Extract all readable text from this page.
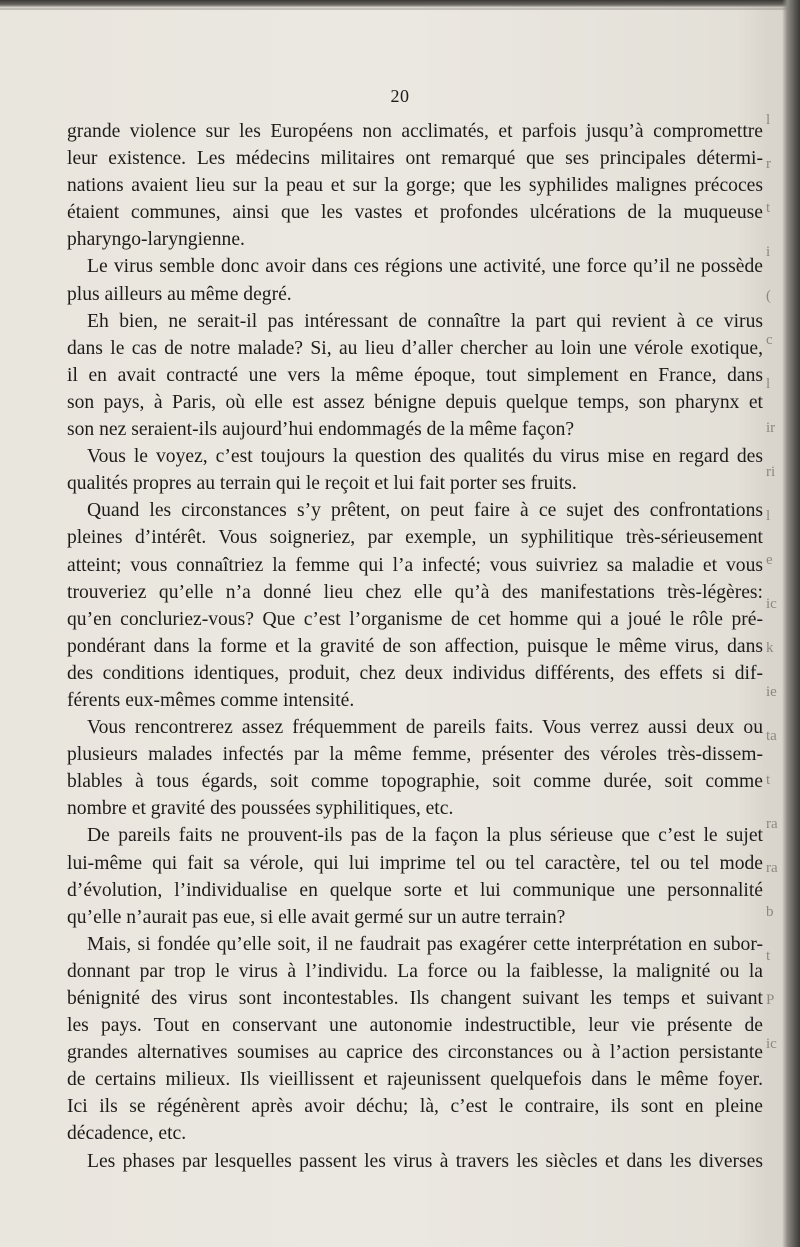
20
grande violence sur les Européens non acclimatés, et parfois jusqu’à compromettre
leur existence. Les médecins militaires ont remarqué que ses principales détermi-
nations avaient lieu sur la peau et sur la gorge; que les syphilides malignes précoces
étaient communes, ainsi que les vastes et profondes ulcérations de la muqueuse
pharyngo-laryngienne.
Le virus semble donc avoir dans ces régions une activité, une force qu’il ne possède
plus ailleurs au même degré.
Eh bien, ne serait-il pas intéressant de connaître la part qui revient à ce virus
dans le cas de notre malade? Si, au lieu d’aller chercher au loin une vérole exotique,
il en avait contracté une vers la même époque, tout simplement en France, dans
son pays, à Paris, où elle est assez bénigne depuis quelque temps, son pharynx et
son nez seraient-ils aujourd’hui endommagés de la même façon?
Vous le voyez, c’est toujours la question des qualités du virus mise en regard des
qualités propres au terrain qui le reçoit et lui fait porter ses fruits.
Quand les circonstances s’y prêtent, on peut faire à ce sujet des confrontations
pleines d’intérêt. Vous soigneriez, par exemple, un syphilitique très-sérieusement
atteint; vous connaîtriez la femme qui l’a infecté; vous suivriez sa maladie et vous
trouveriez qu’elle n’a donné lieu chez elle qu’à des manifestations très-légères:
qu’en concluriez-vous? Que c’est l’organisme de cet homme qui a joué le rôle pré-
pondérant dans la forme et la gravité de son affection, puisque le même virus, dans
des conditions identiques, produit, chez deux individus différents, des effets si dif-
férents eux-mêmes comme intensité.
Vous rencontrerez assez fréquemment de pareils faits. Vous verrez aussi deux ou
plusieurs malades infectés par la même femme, présenter des véroles très-dissem-
blables à tous égards, soit comme topographie, soit comme durée, soit comme
nombre et gravité des poussées syphilitiques, etc.
De pareils faits ne prouvent-ils pas de la façon la plus sérieuse que c’est le sujet
lui-même qui fait sa vérole, qui lui imprime tel ou tel caractère, tel ou tel mode
d’évolution, l’individualise en quelque sorte et lui communique une personnalité
qu’elle n’aurait pas eue, si elle avait germé sur un autre terrain?
Mais, si fondée qu’elle soit, il ne faudrait pas exagérer cette interprétation en subor-
donnant par trop le virus à l’individu. La force ou la faiblesse, la malignité ou la
bénignité des virus sont incontestables. Ils changent suivant les temps et suivant
les pays. Tout en conservant une autonomie indestructible, leur vie présente de
grandes alternatives soumises au caprice des circonstances ou à l’action persistante
de certains milieux. Ils vieillissent et rajeunissent quelquefois dans le même foyer.
Ici ils se régénèrent après avoir déchu; là, c’est le contraire, ils sont en pleine
décadence, etc.
Les phases par lesquelles passent les virus à travers les siècles et dans les diverses
l
r
t
i
(
c
l
ir
ri
l
e
ic
k
ie
ta
t
ra
ra
b
t
P
ic
